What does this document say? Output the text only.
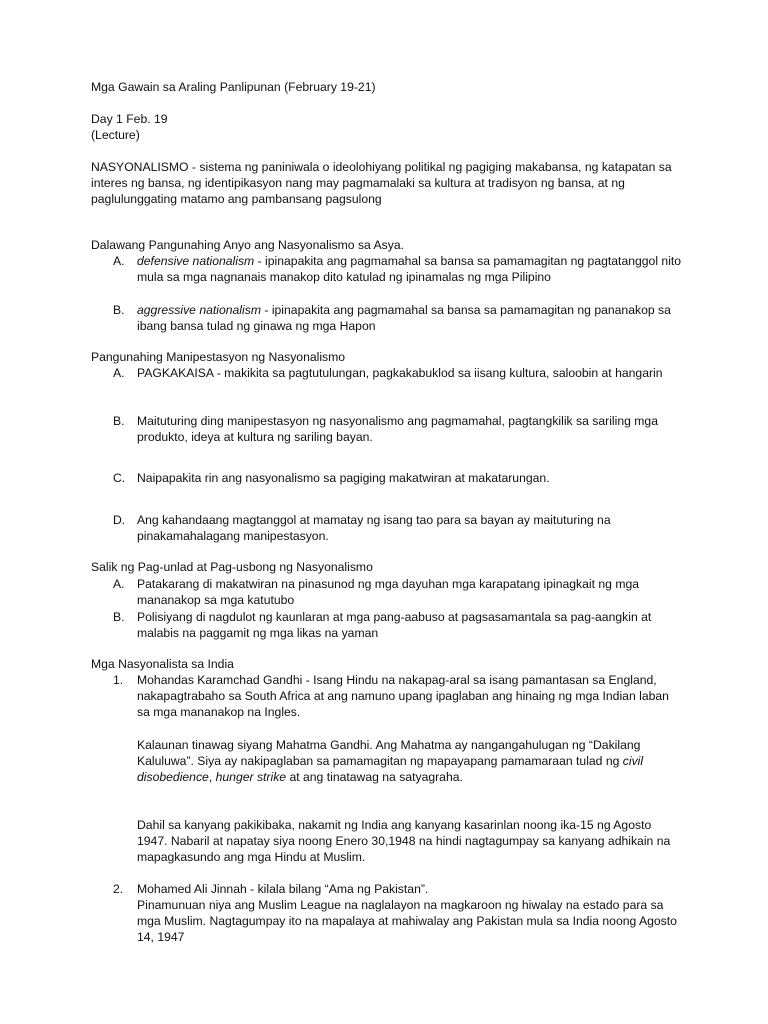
Mga Gawain sa Araling Panlipunan (February 19-21)
Day 1 Feb. 19
(Lecture)
NASYONALISMO - sistema ng paniniwala o ideolohiyang politikal ng pagiging makabansa, ng katapatan sa interes ng bansa, ng identipikasyon nang may pagmamalaki sa kultura at tradisyon ng bansa, at ng paglulunggating matamo ang pambansang pagsulong
Dalawang Pangunahing Anyo ang Nasyonalismo sa Asya.
A.	defensive nationalism - ipinapakita ang pagmamahal sa bansa sa pamamagitan ng pagtatanggol nito mula sa mga nagnanais manakop dito katulad ng ipinamalas ng mga Pilipino
B.	aggressive nationalism - ipinapakita ang pagmamahal sa bansa sa pamamagitan ng pananakop sa ibang bansa tulad ng ginawa ng mga Hapon
Pangunahing Manipestasyon ng Nasyonalismo
A.	PAGKAKAISA - makikita sa pagtutulungan, pagkakabuklod sa iisang kultura, saloobin at hangarin
B.	Maituturing ding manipestasyon ng nasyonalismo ang pagmamahal, pagtangkilik sa sariling mga produkto, ideya at kultura ng sariling bayan.
C. Naipapakita rin ang nasyonalismo sa pagiging makatwiran at makatarungan.
D. Ang kahandaang magtanggol at mamatay ng isang tao para sa bayan ay maituturing na pinakamahalagang manipestasyon.
Salik ng Pag-unlad at Pag-usbong ng Nasyonalismo
A.	Patakarang di makatwiran na pinasunod ng mga dayuhan mga karapatang ipinagkait ng mga mananakop sa mga katutubo
B.	Polisiyang di nagdulot ng kaunlaran at mga pang-aabuso at pagsasamantala sa pag-aangkin at malabis na paggamit ng mga likas na yaman
Mga Nasyonalista sa India
1.	Mohandas Karamchad Gandhi - Isang Hindu na nakapag-aral sa isang pamantasan sa England, nakapagtrabaho sa South Africa at ang namuno upang ipaglaban ang hinaing ng mga Indian laban sa mga mananakop na Ingles.
Kalaunan tinawag siyang Mahatma Gandhi. Ang Mahatma ay nangangahulugan ng “Dakilang Kaluluwa”. Siya ay nakipaglaban sa pamamagitan ng mapayapang pamamaraan tulad ng civil disobedience, hunger strike at ang tinatawag na satyagraha.
Dahil sa kanyang pakikibaka, nakamit ng India ang kanyang kasarinlan noong ika-15 ng Agosto 1947. Nabaril at napatay siya noong Enero 30,1948 na hindi nagtagumpay sa kanyang adhikain na mapagkasundo ang mga Hindu at Muslim.
2.	Mohamed Ali Jinnah - kilala bilang “Ama ng Pakistan”.
Pinamunuan niya ang Muslim League na naglalayon na magkaroon ng hiwalay na estado para sa mga Muslim. Nagtagumpay ito na mapalaya at mahiwalay ang Pakistan mula sa India noong Agosto 14, 1947
